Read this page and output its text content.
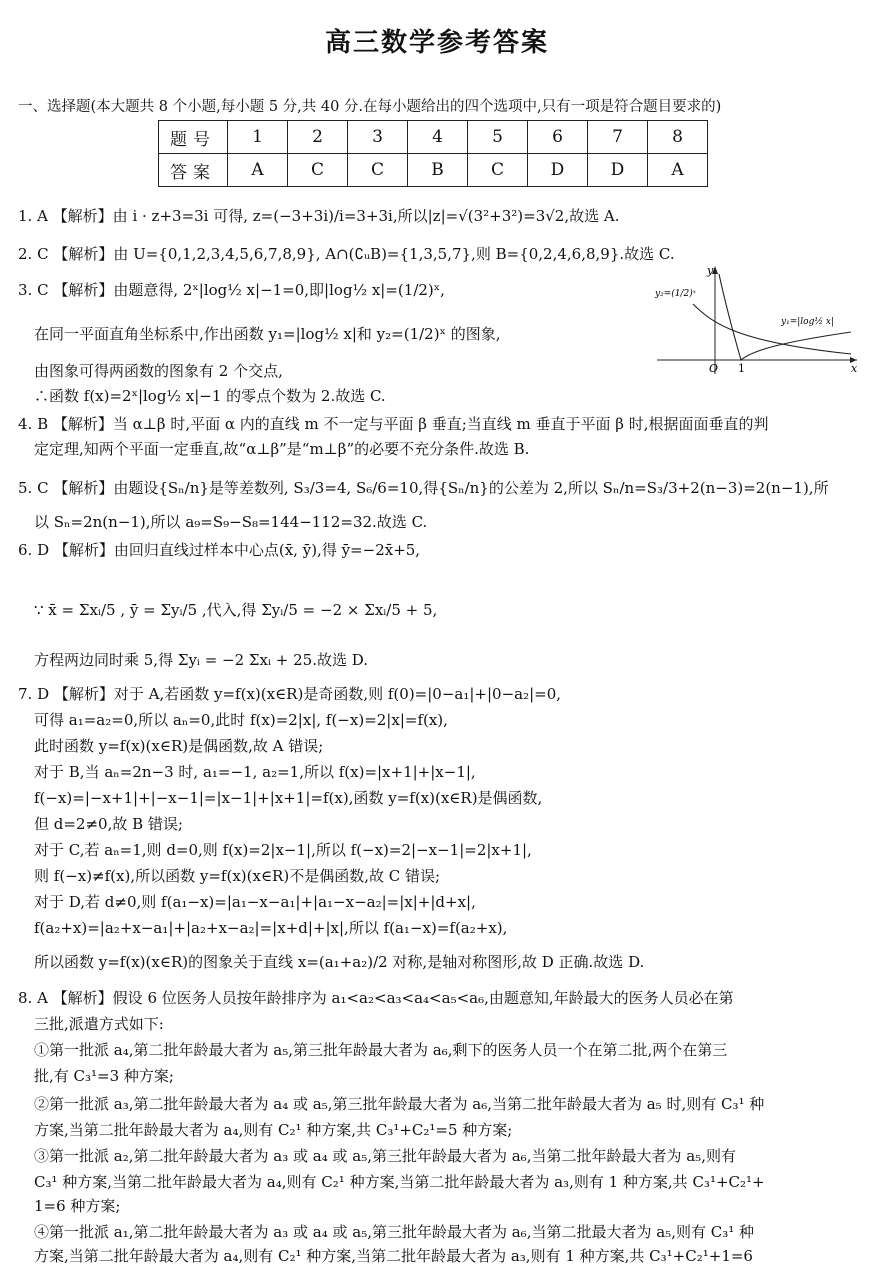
高三数学参考答案
一、选择题(本大题共 8 个小题,每小题 5 分,共 40 分.在每小题给出的四个选项中,只有一项是符合题目要求的)
题号	1	2	3	4	5	6	7	8
答案	A	C	C	B	C	D	D	A
O 1
y
x
y₂=(1/2)ˣ
y₁=|log½ x|
1. A 【解析】由 i · z+3=3i 可得, z=(−3+3i)/i=3+3i,所以|z|=√(3²+3²)=3√2,故选 A.
2. C 【解析】由 U={0,1,2,3,4,5,6,7,8,9}, A∩(∁ᵤB)={1,3,5,7},则 B={0,2,4,6,8,9}.故选 C.
3. C 【解析】由题意得, 2ˣ|log½ x|−1=0,即|log½ x|=(1/2)ˣ,
在同一平面直角坐标系中,作出函数 y₁=|log½ x|和 y₂=(1/2)ˣ 的图象,
由图象可得两函数的图象有 2 个交点,
∴函数 f(x)=2ˣ|log½ x|−1 的零点个数为 2.故选 C.
4. B 【解析】当 α⊥β 时,平面 α 内的直线 m 不一定与平面 β 垂直;当直线 m 垂直于平面 β 时,根据面面垂直的判
定定理,知两个平面一定垂直,故“α⊥β”是“m⊥β”的必要不充分条件.故选 B.
5. C 【解析】由题设{Sₙ/n}是等差数列, S₃/3=4, S₆/6=10,得{Sₙ/n}的公差为 2,所以 Sₙ/n=S₃/3+2(n−3)=2(n−1),所
以 Sₙ=2n(n−1),所以 a₉=S₉−S₈=144−112=32.故选 C.
6. D 【解析】由回归直线过样本中心点(x̄, ȳ),得 ȳ=−2x̄+5,
∵ x̄ = Σxᵢ/5 , ȳ = Σyᵢ/5 ,代入,得 Σyᵢ/5 = −2 × Σxᵢ/5 + 5,
方程两边同时乘 5,得 Σyᵢ = −2 Σxᵢ + 25.故选 D.
7. D 【解析】对于 A,若函数 y=f(x)(x∈R)是奇函数,则 f(0)=|0−a₁|+|0−a₂|=0,
可得 a₁=a₂=0,所以 aₙ=0,此时 f(x)=2|x|, f(−x)=2|x|=f(x),
此时函数 y=f(x)(x∈R)是偶函数,故 A 错误;
对于 B,当 aₙ=2n−3 时, a₁=−1, a₂=1,所以 f(x)=|x+1|+|x−1|,
f(−x)=|−x+1|+|−x−1|=|x−1|+|x+1|=f(x),函数 y=f(x)(x∈R)是偶函数,
但 d=2≠0,故 B 错误;
对于 C,若 aₙ=1,则 d=0,则 f(x)=2|x−1|,所以 f(−x)=2|−x−1|=2|x+1|,
则 f(−x)≠f(x),所以函数 y=f(x)(x∈R)不是偶函数,故 C 错误;
对于 D,若 d≠0,则 f(a₁−x)=|a₁−x−a₁|+|a₁−x−a₂|=|x|+|d+x|,
f(a₂+x)=|a₂+x−a₁|+|a₂+x−a₂|=|x+d|+|x|,所以 f(a₁−x)=f(a₂+x),
所以函数 y=f(x)(x∈R)的图象关于直线 x=(a₁+a₂)/2 对称,是轴对称图形,故 D 正确.故选 D.
8. A 【解析】假设 6 位医务人员按年龄排序为 a₁<a₂<a₃<a₄<a₅<a₆,由题意知,年龄最大的医务人员必在第
三批,派遣方式如下:
①第一批派 a₄,第二批年龄最大者为 a₅,第三批年龄最大者为 a₆,剩下的医务人员一个在第二批,两个在第三
批,有 C₃¹=3 种方案;
②第一批派 a₃,第二批年龄最大者为 a₄ 或 a₅,第三批年龄最大者为 a₆,当第二批年龄最大者为 a₅ 时,则有 C₃¹ 种
方案,当第二批年龄最大者为 a₄,则有 C₂¹ 种方案,共 C₃¹+C₂¹=5 种方案;
③第一批派 a₂,第二批年龄最大者为 a₃ 或 a₄ 或 a₅,第三批年龄最大者为 a₆,当第二批年龄最大者为 a₅,则有
C₃¹ 种方案,当第二批年龄最大者为 a₄,则有 C₂¹ 种方案,当第二批年龄最大者为 a₃,则有 1 种方案,共 C₃¹+C₂¹+
1=6 种方案;
④第一批派 a₁,第二批年龄最大者为 a₃ 或 a₄ 或 a₅,第三批年龄最大者为 a₆,当第二批最大者为 a₅,则有 C₃¹ 种
方案,当第二批年龄最大者为 a₄,则有 C₂¹ 种方案,当第二批年龄最大者为 a₃,则有 1 种方案,共 C₃¹+C₂¹+1=6
